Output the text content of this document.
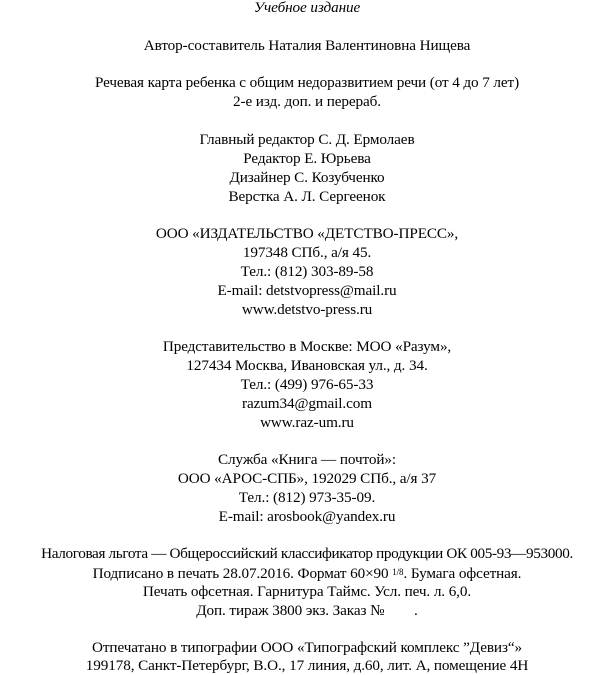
Учебное издание
Автор-составитель Наталия Валентиновна Нищева
Речевая карта ребенка с общим недоразвитием речи (от 4 до 7 лет)
2-е изд. доп. и перераб.
Главный редактор С. Д. Ермолаев
Редактор Е. Юрьева
Дизайнер С. Козубченко
Верстка А. Л. Сергеенок
ООО «ИЗДАТЕЛЬСТВО «ДЕТСТВО-ПРЕСС»,
197348 СПб., а/я 45.
Тел.: (812) 303-89-58
E-mail: detstvopress@mail.ru
www.detstvo-press.ru
Представительство в Москве: МОО «Разум»,
127434 Москва, Ивановская ул., д. 34.
Тел.: (499) 976-65-33
razum34@gmail.com
www.raz-um.ru
Служба «Книга — почтой»:
ООО «АРОС-СПБ», 192029 СПб., а/я 37
Тел.: (812) 973-35-09.
E-mail: arosbook@yandex.ru
Налоговая льгота — Общероссийский классификатор продукции ОК 005-93—953000.
Подписано в печать 28.07.2016. Формат 60×90 1/8. Бумага офсетная.
Печать офсетная. Гарнитура Таймс. Усл. печ. л. 6,0.
Доп. тираж 3800 экз. Заказ №        .
Отпечатано в типографии ООО «Типографский комплекс ”Девиз“»
199178, Санкт-Петербург, В.О., 17 линия, д.60, лит. А, помещение 4Н
